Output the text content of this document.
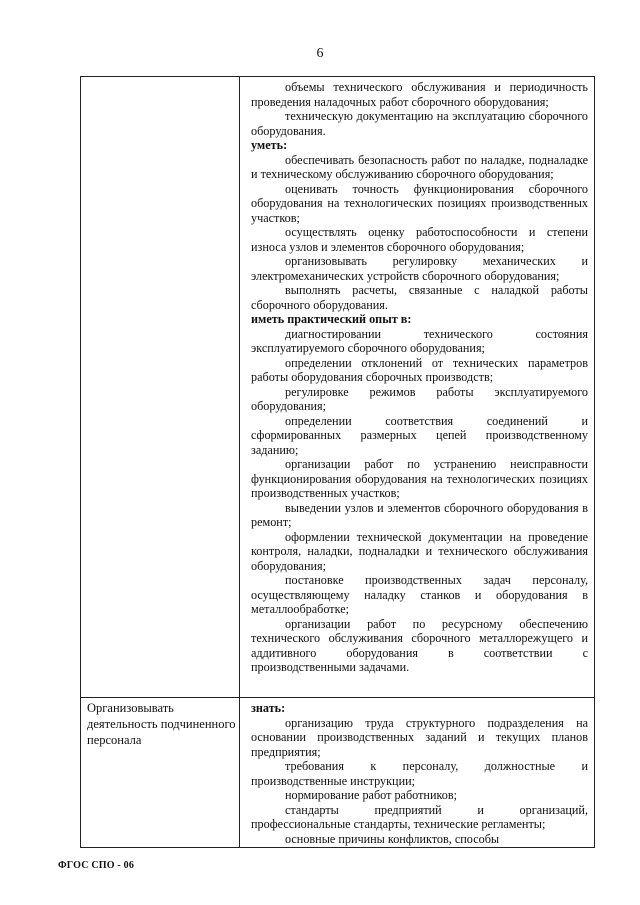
6

объемы технического обслуживания и периодичность проведения наладочных работ сборочного оборудования;

техническую документацию на эксплуатацию сборочного оборудования.

уметь:

обеспечивать безопасность работ по наладке, подналадке и техническому обслуживанию сборочного оборудования;

оценивать точность функционирования сборочного оборудования на технологических позициях производственных участков;

осуществлять оценку работоспособности и степени износа узлов и элементов сборочного оборудования;

организовывать регулировку механических и электромеханических устройств сборочного оборудования;

выполнять расчеты, связанные с наладкой работы сборочного оборудования.

иметь практический опыт в:

диагностировании технического состояния эксплуатируемого сборочного оборудования;

определении отклонений от технических параметров работы оборудования сборочных производств;

регулировке режимов работы эксплуатируемого оборудования;

определении соответствия соединений и сформированных размерных цепей производственному заданию;

организации работ по устранению неисправности функционирования оборудования на технологических позициях производственных участков;

выведении узлов и элементов сборочного оборудования в ремонт;

оформлении технической документации на проведение контроля, наладки, подналадки и технического обслуживания оборудования;

постановке производственных задач персоналу, осуществляющему наладку станков и оборудования в металлообработке;

организации работ по ресурсному обеспечению технического обслуживания сборочного металлорежущего и аддитивного оборудования в соответствии с производственными задачами.

Организовывать
деятельность подчиненного
персонала

знать:

организацию труда структурного подразделения на основании производственных заданий и текущих планов предприятия;

требования к персоналу, должностные и производственные инструкции;

нормирование работ работников;

стандарты предприятий и организаций, профессиональные стандарты, технические регламенты;

основные причины конфликтов, способы

ФГОС СПО - 06
